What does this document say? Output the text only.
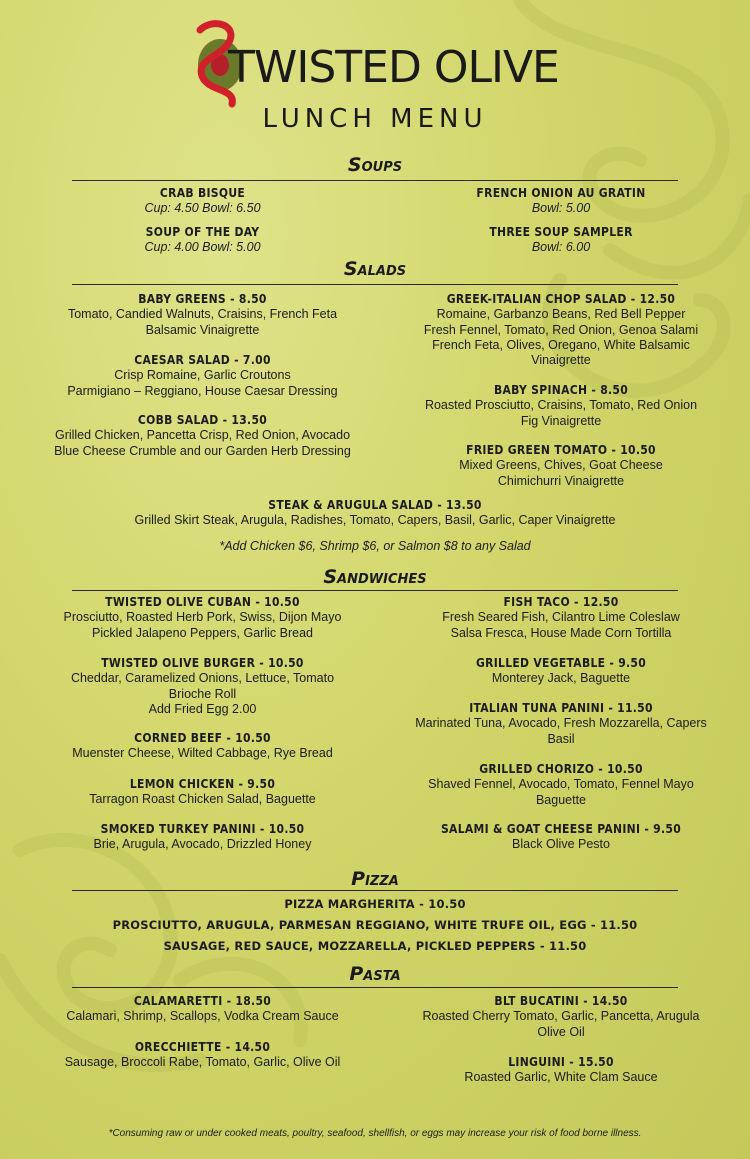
TWISTED OLIVE
LUNCH MENU
Soups
CRAB BISQUE
Cup: 4.50 Bowl: 6.50
FRENCH ONION AU GRATIN
Bowl: 5.00
SOUP OF THE DAY
Cup: 4.00 Bowl: 5.00
THREE SOUP SAMPLER
Bowl: 6.00
Salads
BABY GREENS - 8.50
Tomato, Candied Walnuts, Craisins, French Feta
Balsamic Vinaigrette
GREEK-ITALIAN CHOP SALAD - 12.50
Romaine, Garbanzo Beans, Red Bell Pepper
Fresh Fennel, Tomato, Red Onion, Genoa Salami
French Feta, Olives, Oregano, White Balsamic
Vinaigrette
CAESAR SALAD - 7.00
Crisp Romaine, Garlic Croutons
Parmigiano – Reggiano, House Caesar Dressing	BABY SPINACH - 8.50
Roasted Prosciutto, Craisins, Tomato, Red Onion
Fig Vinaigrette
COBB SALAD - 13.50
Grilled Chicken, Pancetta Crisp, Red Onion, Avocado
Blue Cheese Crumble and our Garden Herb Dressing	FRIED GREEN TOMATO - 10.50
Mixed Greens, Chives, Goat Cheese
Chimichurri Vinaigrette
STEAK & ARUGULA SALAD - 13.50
Grilled Skirt Steak, Arugula, Radishes, Tomato, Capers, Basil, Garlic, Caper Vinaigrette
*Add Chicken $6, Shrimp $6, or Salmon $8 to any Salad
Sandwiches
TWISTED OLIVE CUBAN - 10.50
Prosciutto, Roasted Herb Pork, Swiss, Dijon Mayo
Pickled Jalapeno Peppers, Garlic Bread
FISH TACO - 12.50
Fresh Seared Fish, Cilantro Lime Coleslaw
Salsa Fresca, House Made Corn Tortilla
TWISTED OLIVE BURGER - 10.50
Cheddar, Caramelized Onions, Lettuce, Tomato
Brioche Roll
Add Fried Egg 2.00
GRILLED VEGETABLE - 9.50
Monterey Jack, Baguette
ITALIAN TUNA PANINI - 11.50
Marinated Tuna, Avocado, Fresh Mozzarella, Capers
Basil
CORNED BEEF - 10.50
Muenster Cheese, Wilted Cabbage, Rye Bread
GRILLED CHORIZO - 10.50
Shaved Fennel, Avocado, Tomato, Fennel Mayo
Baguette
LEMON CHICKEN - 9.50
Tarragon Roast Chicken Salad, Baguette
SMOKED TURKEY PANINI - 10.50
Brie, Arugula, Avocado, Drizzled Honey
SALAMI & GOAT CHEESE PANINI - 9.50
Black Olive Pesto
Pizza
PIZZA MARGHERITA - 10.50
PROSCIUTTO, ARUGULA, PARMESAN REGGIANO, WHITE TRUFE OIL, EGG - 11.50
SAUSAGE, RED SAUCE, MOZZARELLA, PICKLED PEPPERS - 11.50
Pasta
CALAMARETTI - 18.50
Calamari, Shrimp, Scallops, Vodka Cream Sauce
BLT BUCATINI - 14.50
Roasted Cherry Tomato, Garlic, Pancetta, Arugula
Olive Oil
ORECCHIETTE - 14.50
Sausage, Broccoli Rabe, Tomato, Garlic, Olive Oil	LINGUINI - 15.50
Roasted Garlic, White Clam Sauce
*Consuming raw or under cooked meats, poultry, seafood, shellfish, or eggs may increase your risk of food borne illness.
